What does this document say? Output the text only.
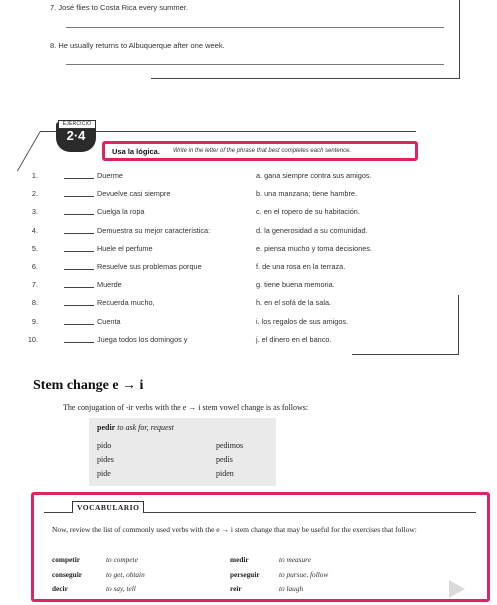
7. José flies to Costa Rica every summer.
8. He usually returns to Albuquerque after one week.
EJERCICIO
2·4
Usa la lógica. Write in the letter of the phrase that best completes each sentence.
1.	Duerme	a. gana siempre contra sus amigos.
2.	Devuelve casi siempre	b. una manzana; tiene hambre.
3.	Cuelga la ropa	c. en el ropero de su habitación.
4.	Demuestra su mejor característica:	d. la generosidad a su comunidad.
5.	Huele el perfume	e. piensa mucho y toma decisiones.
6.	Resuelve sus problemas porque	f. de una rosa en la terraza.
7.	Muerde	g. tiene buena memoria.
8.	Recuerda mucho,	h. en el sofá de la sala.
9.	Cuenta	i. los regalos de sus amigos.
10.	Juega todos los domingos y	j. el dinero en el banco.
Stem change e → i
The conjugation of -ir verbs with the e → i stem vowel change is as follows:
pedir to ask for, request
pido	pedimos
pides	pedís
pide	piden
VOCABULARIO
Now, review the list of commonly used verbs with the e → i stem change that may be useful for the exercises that follow:
competir	to compete	medir	to measure
conseguir	to get, obtain	perseguir	to pursue, follow
decir	to say, tell	reír	to laugh
